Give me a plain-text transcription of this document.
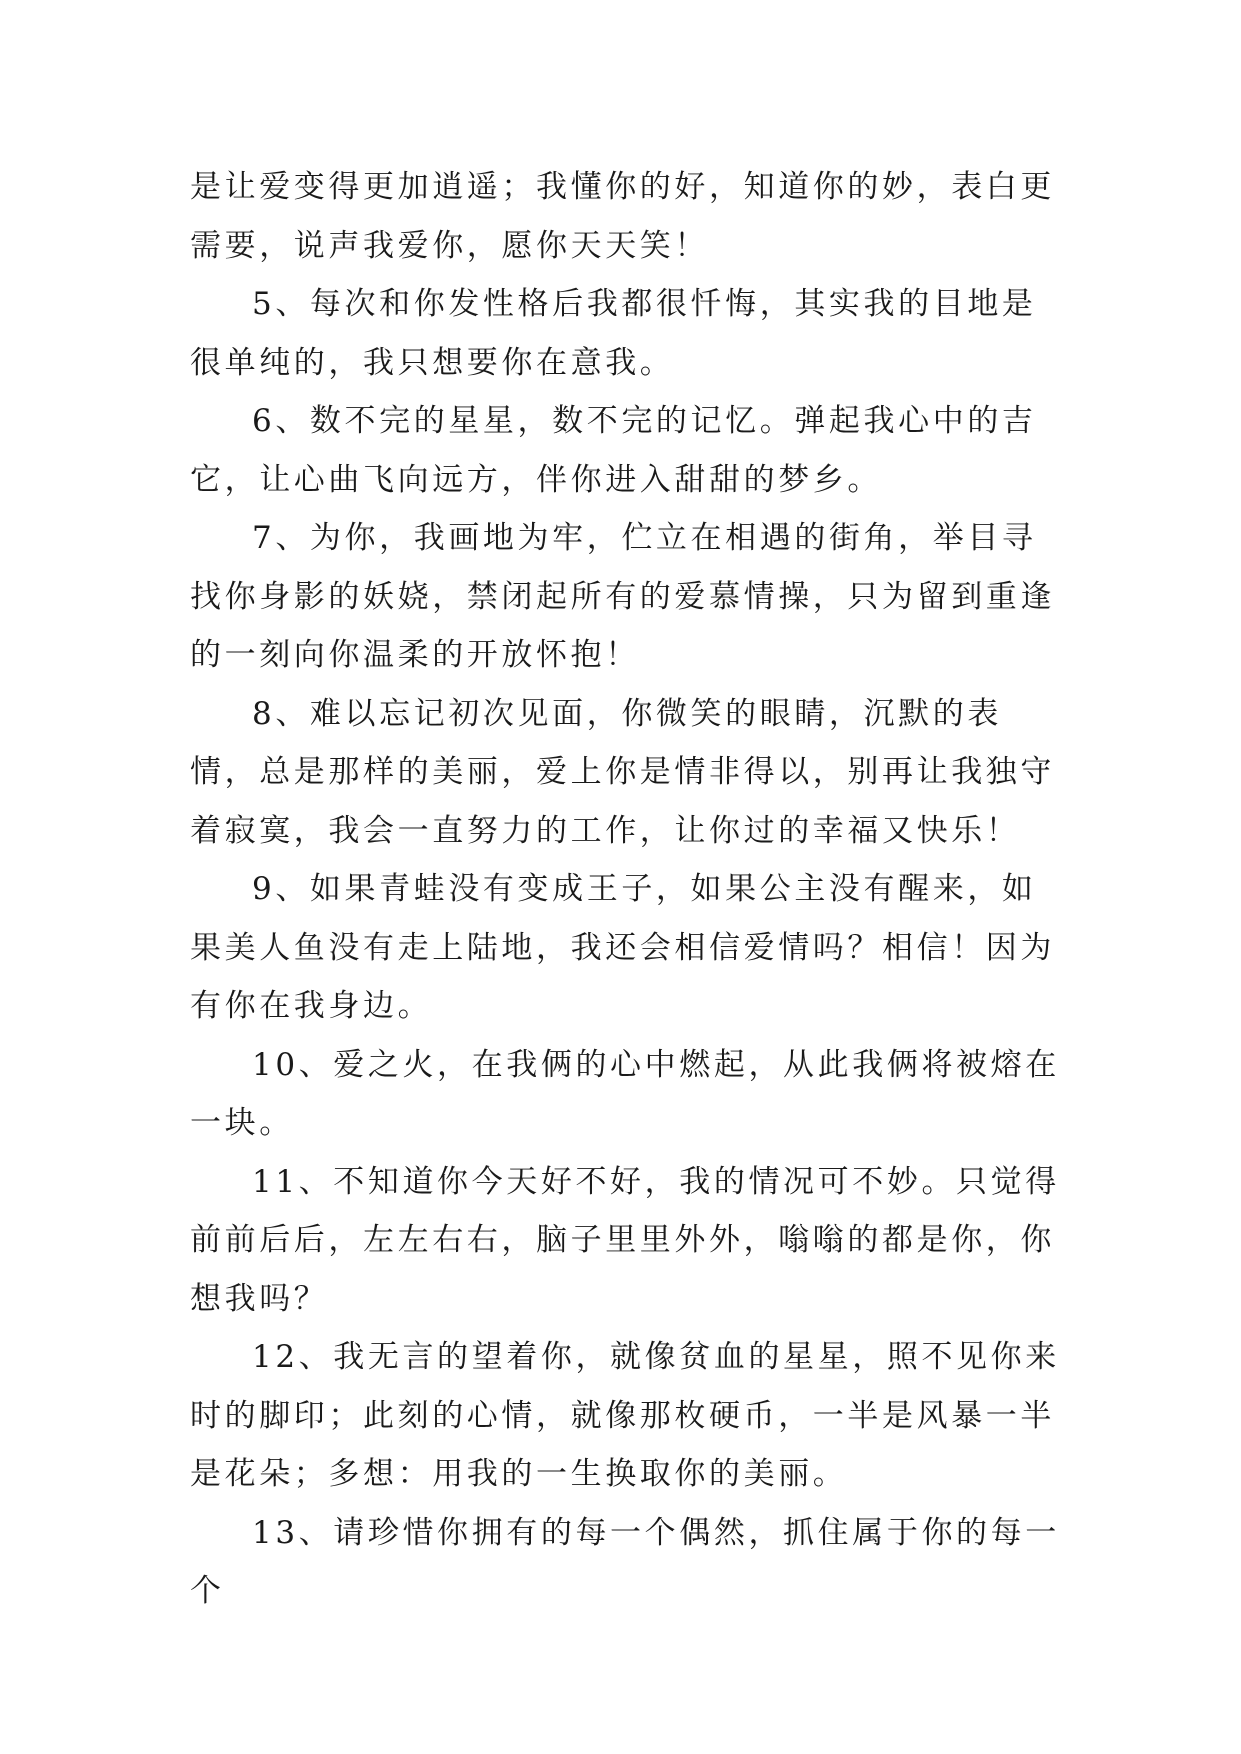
是让爱变得更加逍遥；我懂你的好，知道你的妙，表白更需要，说声我爱你，愿你天天笑！

5、每次和你发性格后我都很忏悔，其实我的目地是很单纯的，我只想要你在意我。

6、数不完的星星，数不完的记忆。弹起我心中的吉它，让心曲飞向远方，伴你进入甜甜的梦乡。

7、为你，我画地为牢，伫立在相遇的街角，举目寻找你身影的妖娆，禁闭起所有的爱慕情操，只为留到重逢的一刻向你温柔的开放怀抱！

8、难以忘记初次见面，你微笑的眼睛，沉默的表情，总是那样的美丽，爱上你是情非得以，别再让我独守着寂寞，我会一直努力的工作，让你过的幸福又快乐！

9、如果青蛙没有变成王子，如果公主没有醒来，如果美人鱼没有走上陆地，我还会相信爱情吗？相信！因为有你在我身边。

10、爱之火，在我俩的心中燃起，从此我俩将被熔在一块。

11、不知道你今天好不好，我的情况可不妙。只觉得前前后后，左左右右，脑子里里外外，嗡嗡的都是你，你想我吗？

12、我无言的望着你，就像贫血的星星，照不见你来时的脚印；此刻的心情，就像那枚硬币，一半是风暴一半是花朵；多想：用我的一生换取你的美丽。

13、请珍惜你拥有的每一个偶然，抓住属于你的每一个
